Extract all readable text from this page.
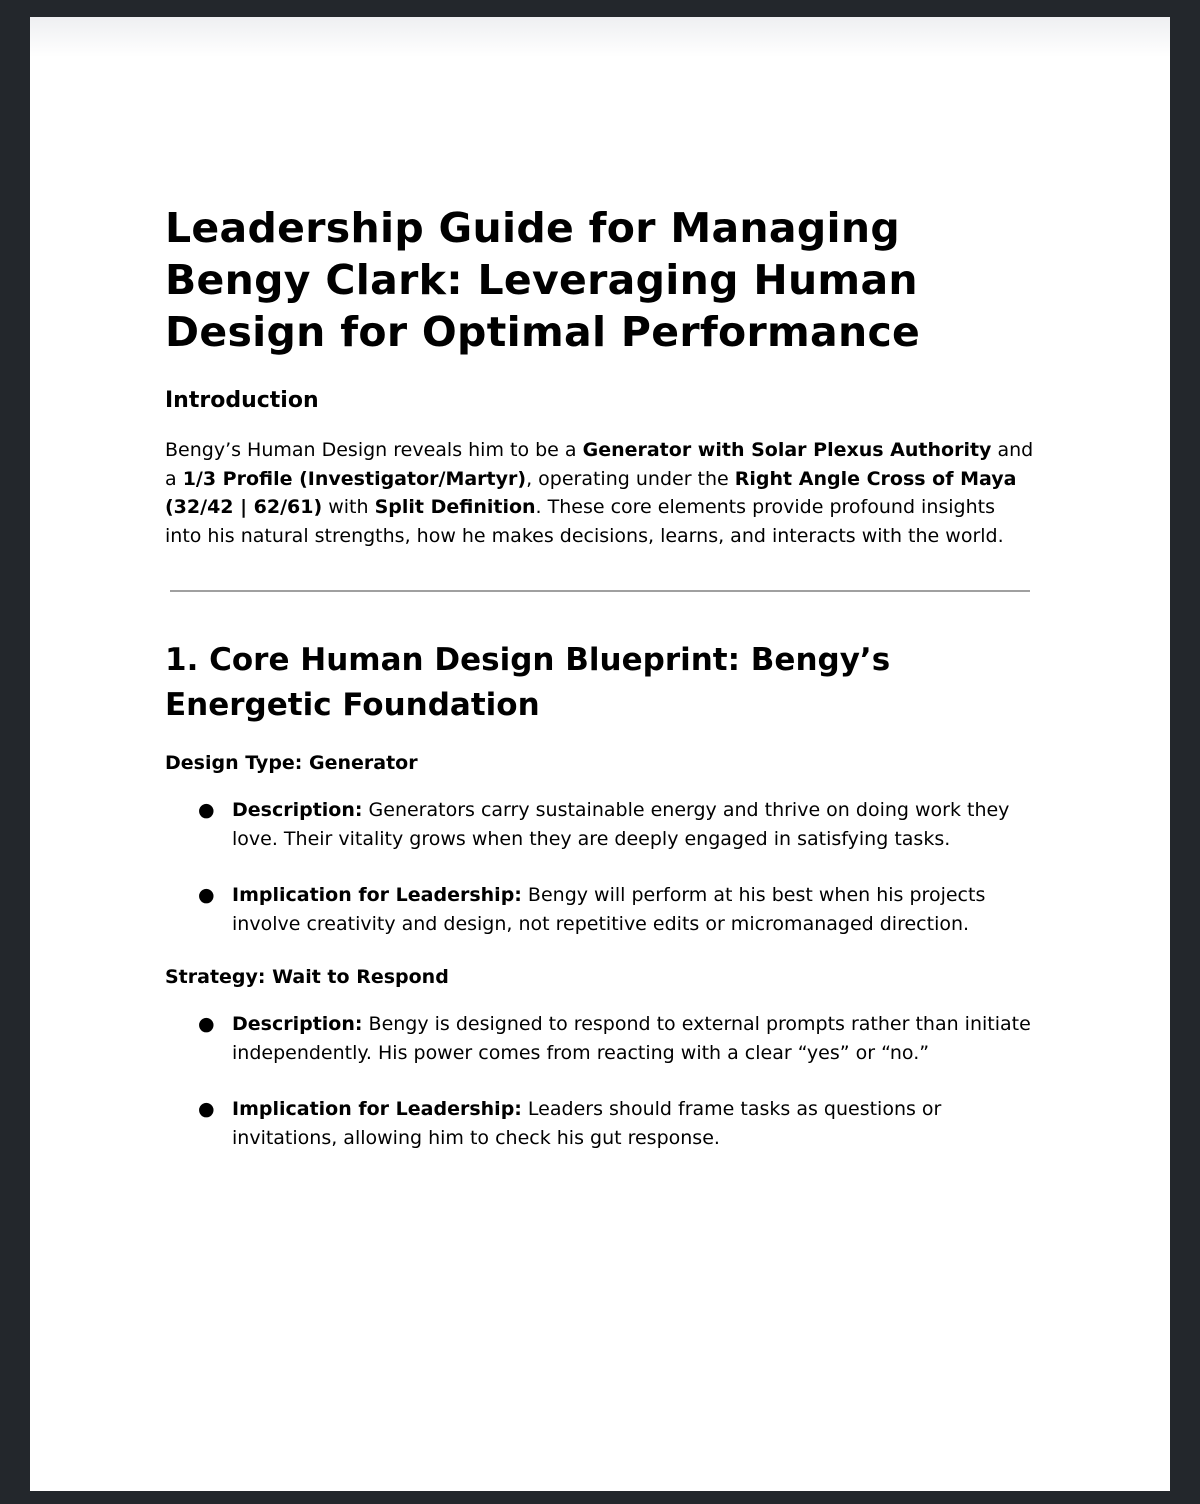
Leadership Guide for Managing Bengy Clark: Leveraging Human Design for Optimal Performance
Introduction

Bengy’s Human Design reveals him to be a Generator with Solar Plexus Authority and a 1/3 Profile (Investigator/Martyr), operating under the Right Angle Cross of Maya (32/42 | 62/61) with Split Definition. These core elements provide profound insights into his natural strengths, how he makes decisions, learns, and interacts with the world.

1. Core Human Design Blueprint: Bengy’s Energetic Foundation
Design Type: Generator
● Description: Generators carry sustainable energy and thrive on doing work they love. Their vitality grows when they are deeply engaged in satisfying tasks.
● Implication for Leadership: Bengy will perform at his best when his projects involve creativity and design, not repetitive edits or micromanaged direction.
Strategy: Wait to Respond
● Description: Bengy is designed to respond to external prompts rather than initiate independently. His power comes from reacting with a clear “yes” or “no.”
● Implication for Leadership: Leaders should frame tasks as questions or invitations, allowing him to check his gut response.
